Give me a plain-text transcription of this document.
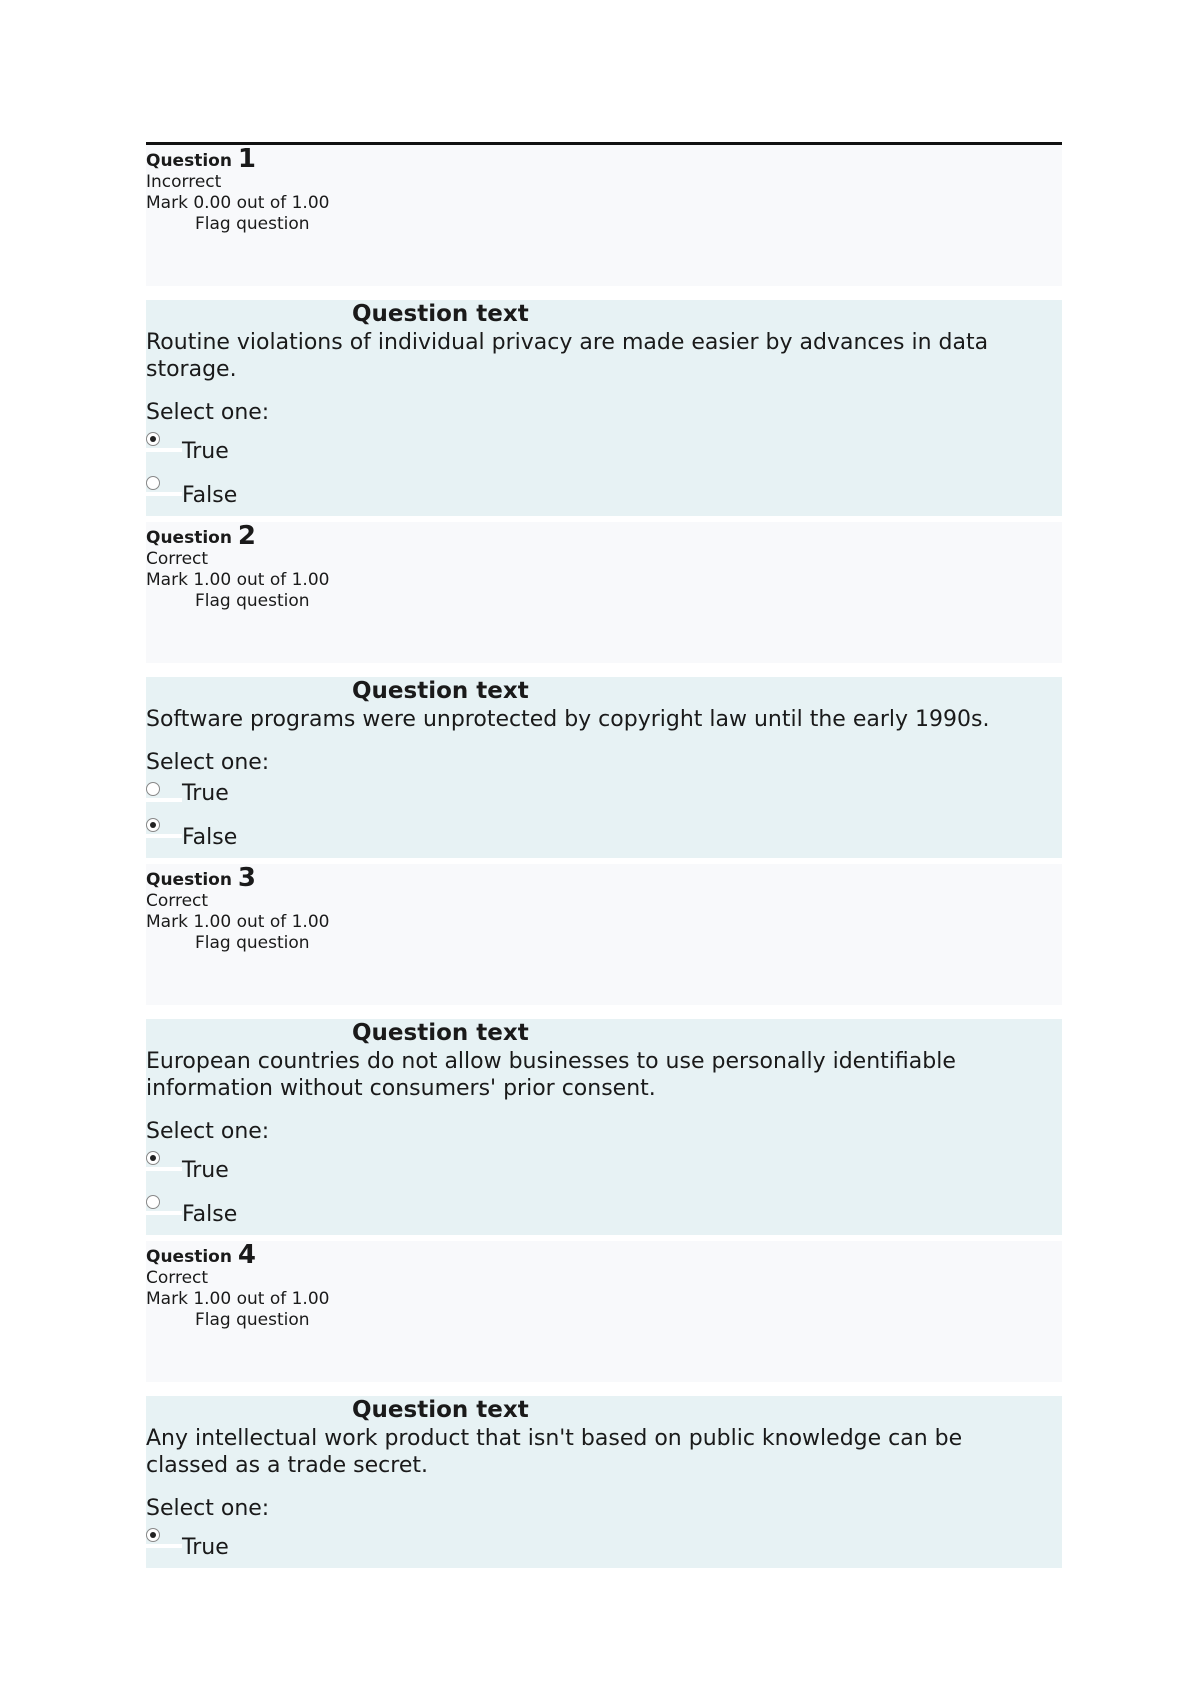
Question 1
Incorrect
Mark 0.00 out of 1.00
Flag question
Question text
Routine violations of individual privacy are made easier by advances in data storage.
Select one:
True
False
Question 2
Correct
Mark 1.00 out of 1.00
Flag question
Question text
Software programs were unprotected by copyright law until the early 1990s.
Select one:
True
False
Question 3
Correct
Mark 1.00 out of 1.00
Flag question
Question text
European countries do not allow businesses to use personally identifiable information without consumers' prior consent.
Select one:
True
False
Question 4
Correct
Mark 1.00 out of 1.00
Flag question
Question text
Any intellectual work product that isn't based on public knowledge can be classed as a trade secret.
Select one:
True
